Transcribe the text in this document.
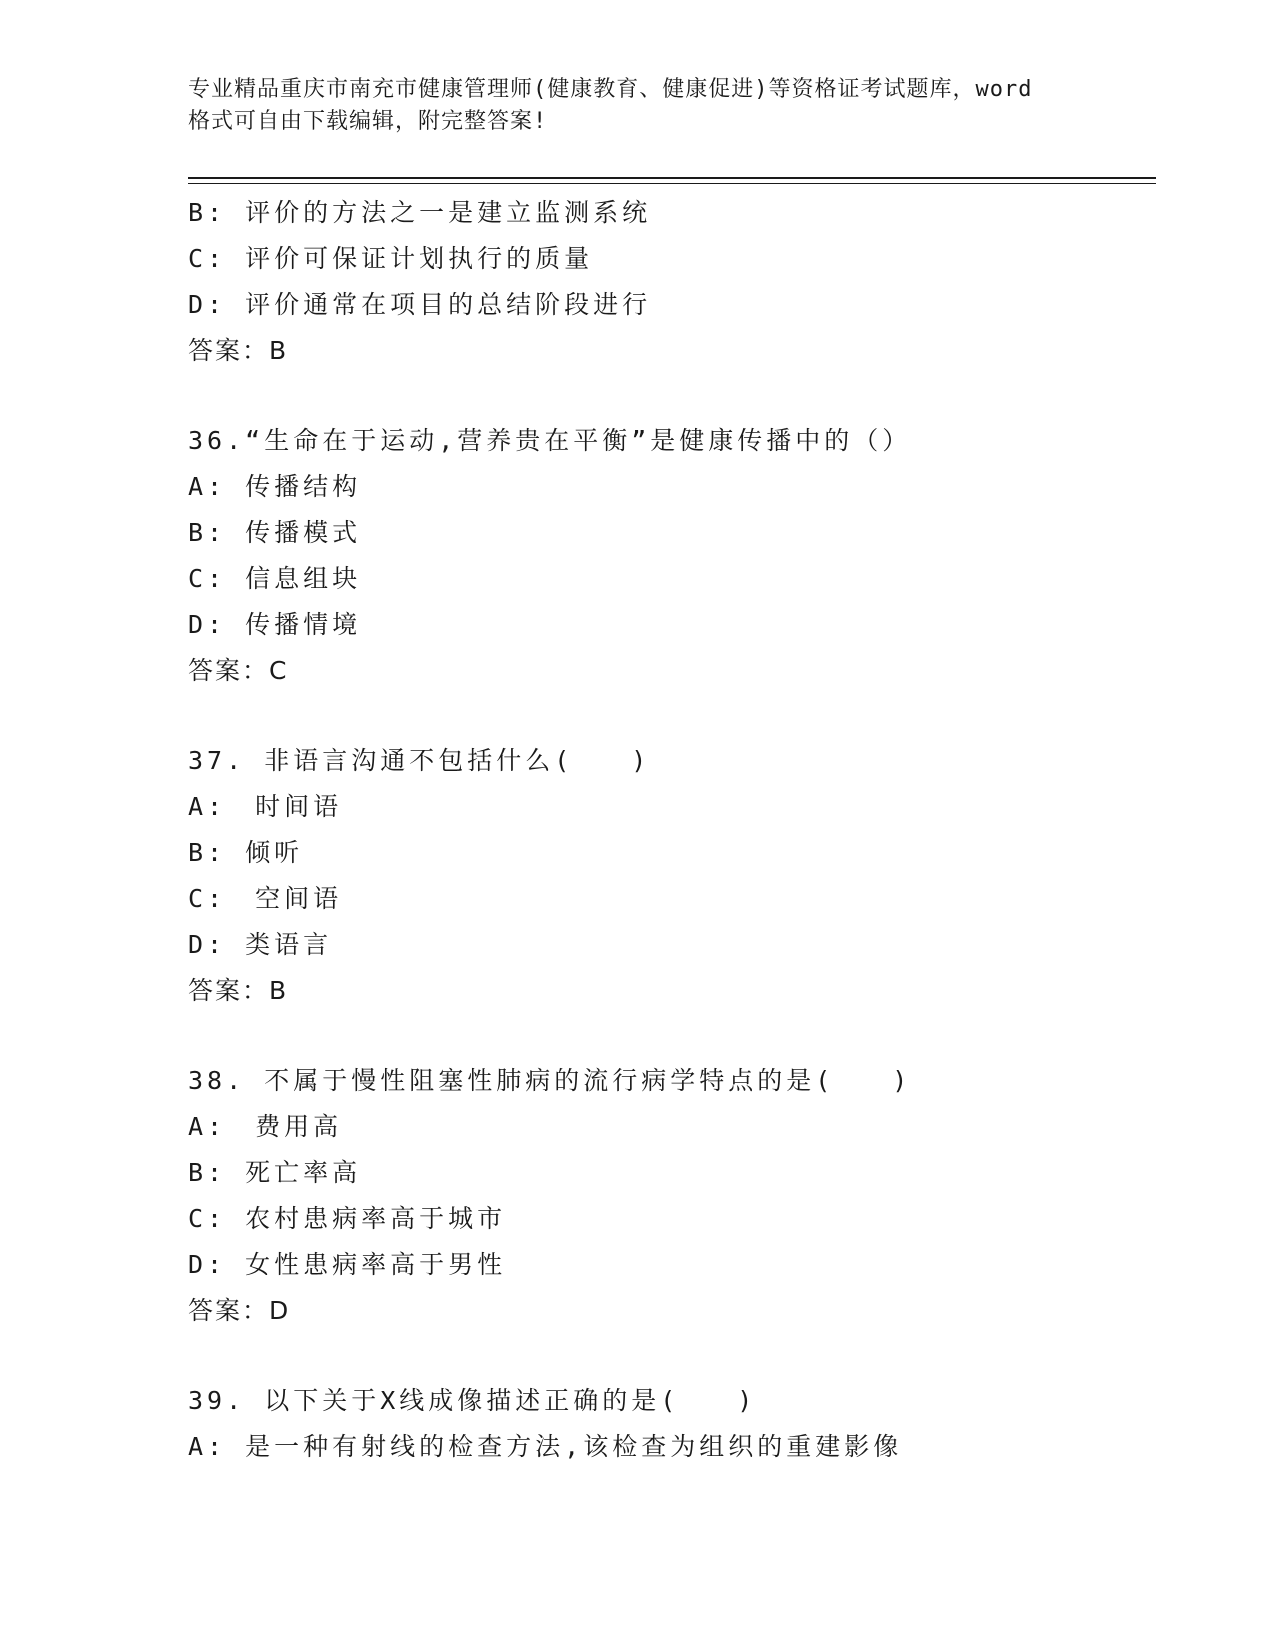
专业精品重庆市南充市健康管理师(健康教育、健康促进)等资格证考试题库，word
格式可自由下载编辑，附完整答案!
B: 评价的方法之一是建立监测系统
C: 评价可保证计划执行的质量
D: 评价通常在项目的总结阶段进行
答案：B
36.“生命在于运动,营养贵在平衡”是健康传播中的（）
A: 传播结构
B: 传播模式
C: 信息组块
D: 传播情境
答案：C
37. 非语言沟通不包括什么(　　)
A:　时间语
B: 倾听
C:　空间语
D: 类语言
答案：B
38. 不属于慢性阻塞性肺病的流行病学特点的是(　　)
A:　费用高
B: 死亡率高
C: 农村患病率高于城市
D: 女性患病率高于男性
答案：D
39. 以下关于X线成像描述正确的是(　　)
A: 是一种有射线的检查方法,该检查为组织的重建影像
